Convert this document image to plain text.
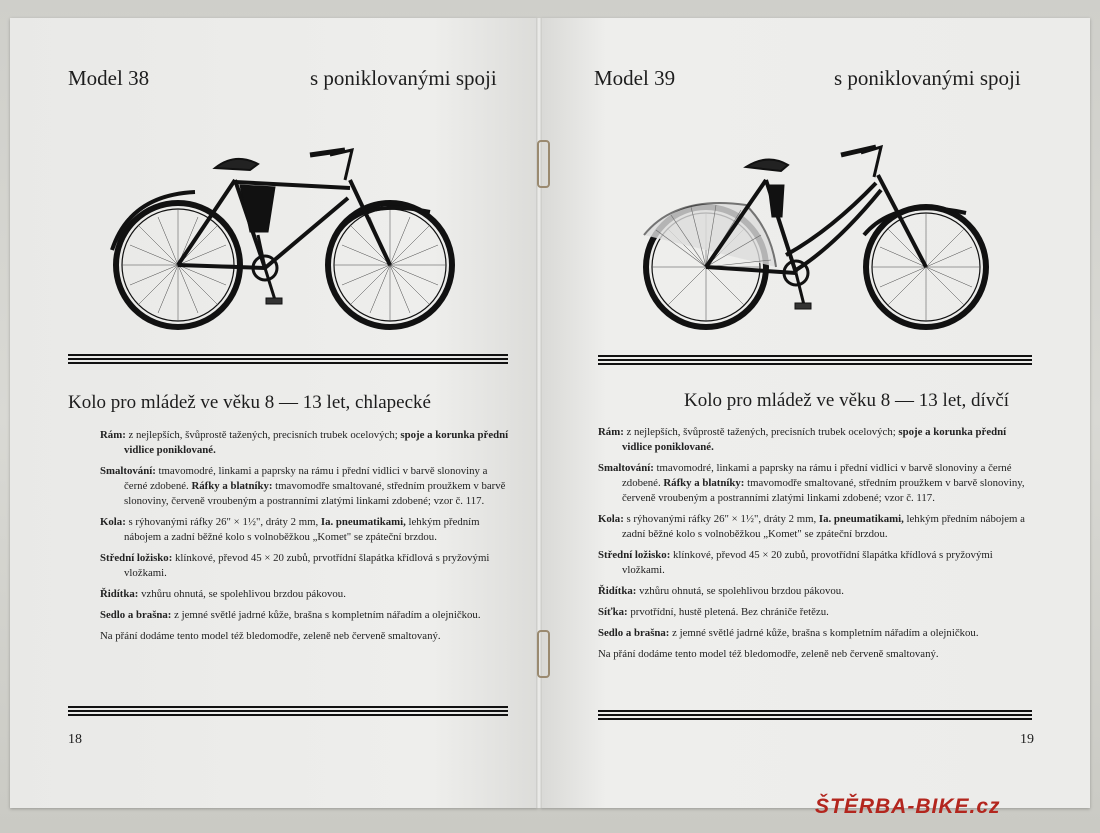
Model 38	s poniklovanými spoji
Kolo pro mládež ve věku 8 — 13 let, chlapecké
Rám: z nejlepších, švůprostě tažených, precisních trubek ocelových; spoje a korunka přední vidlice poniklované.
Smaltování: tmavomodré, linkami a paprsky na rámu i přední vidlici v barvě slonoviny a černé zdobené. Ráfky a blatníky: tmavomodře smaltované, středním proužkem v barvě slonoviny, červeně vroubeným a postranními zlatými linkami zdobené; vzor č. 117.
Kola: s rýhovanými ráfky 26" × 1½", dráty 2 mm, Ia. pneumatikami, lehkým předním nábojem a zadní běžné kolo s volnoběžkou „Komet" se zpáteční brzdou.
Střední ložisko: klínkové, převod 45 × 20 zubů, prvotřídní šlapátka křídlová s pryžovými vložkami.
Řidítka: vzhůru ohnutá, se spolehlivou brzdou pákovou.
Sedlo a brašna: z jemné světlé jadrné kůže, brašna s kompletním nářadím a olejničkou.
Na přání dodáme tento model též bledomodře, zeleně neb červeně smaltovaný.
18
Model 39	s poniklovanými spoji
Kolo pro mládež ve věku 8 — 13 let, dívčí
Rám: z nejlepších, švůprostě tažených, precisních trubek ocelových; spoje a korunka přední vidlice poniklované.
Smaltování: tmavomodré, linkami a paprsky na rámu i přední vidlici v barvě slonoviny a černé zdobené. Ráfky a blatníky: tmavomodře smaltované, středním proužkem v barvě slonoviny, červeně vroubeným a postranními zlatými linkami zdobené; vzor č. 117.
Kola: s rýhovanými ráfky 26" × 1½", dráty 2 mm, Ia. pneumatikami, lehkým předním nábojem a zadní běžné kolo s volnoběžkou „Komet" se zpáteční brzdou.
Střední ložisko: klínkové, převod 45 × 20 zubů, provotřídní šlapátka křídlová s pryžovými vložkami.
Řidítka: vzhůru ohnutá, se spolehlivou brzdou pákovou.
Síťka: prvotřídní, hustě pletená. Bez chrániče řetězu.
Sedlo a brašna: z jemné světlé jadrné kůže, brašna s kompletním nářadím a olejničkou.
Na přání dodáme tento model též bledomodře, zeleně neb červeně smaltovaný.
19
ŠTĚRBA-BIKE.cz
